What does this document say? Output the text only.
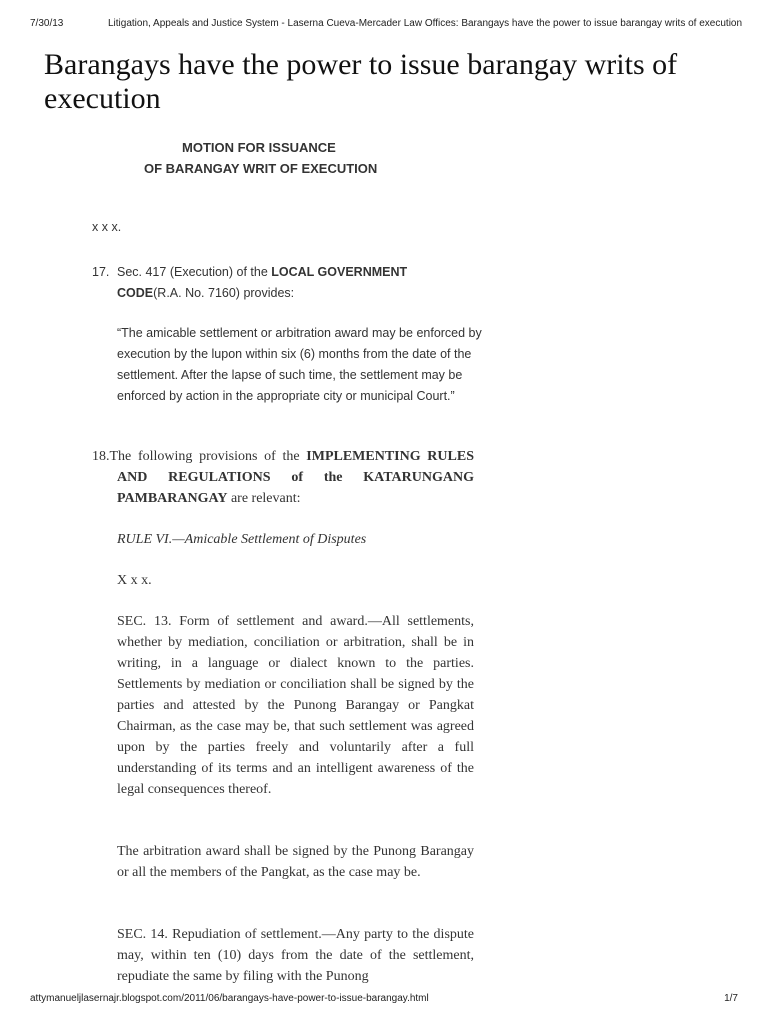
7/30/13	Litigation, Appeals and Justice System - Laserna Cueva-Mercader Law Offices: Barangays have the power to issue barangay writs of execution
Barangays have the power to issue barangay writs of execution
MOTION FOR ISSUANCE
OF BARANGAY WRIT OF EXECUTION
x x x.
17. Sec. 417 (Execution) of the LOCAL GOVERNMENT
CODE(R.A. No. 7160) provides:
“The amicable settlement or arbitration award may be enforced by execution by the lupon within six (6) months from the date of the settlement. After the lapse of such time, the settlement may be enforced by action in the appropriate city or municipal Court.”
18.The following provisions of the IMPLEMENTING RULES AND REGULATIONS of the KATARUNGANG PAMBARANGAY are relevant:
RULE VI.—Amicable Settlement of Disputes
X x x.
SEC. 13. Form of settlement and award.—All settlements, whether by mediation, conciliation or arbitration, shall be in writing, in a language or dialect known to the parties. Settlements by mediation or conciliation shall be signed by the parties and attested by the Punong Barangay or Pangkat Chairman, as the case may be, that such settlement was agreed upon by the parties freely and voluntarily after a full understanding of its terms and an intelligent awareness of the legal consequences thereof.
The arbitration award shall be signed by the Punong Barangay or all the members of the Pangkat, as the case may be.
SEC. 14. Repudiation of settlement.—Any party to the dispute may, within ten (10) days from the date of the settlement, repudiate the same by filing with the Punong
attymanueljlasernajr.blogspot.com/2011/06/barangays-have-power-to-issue-barangay.html	1/7
